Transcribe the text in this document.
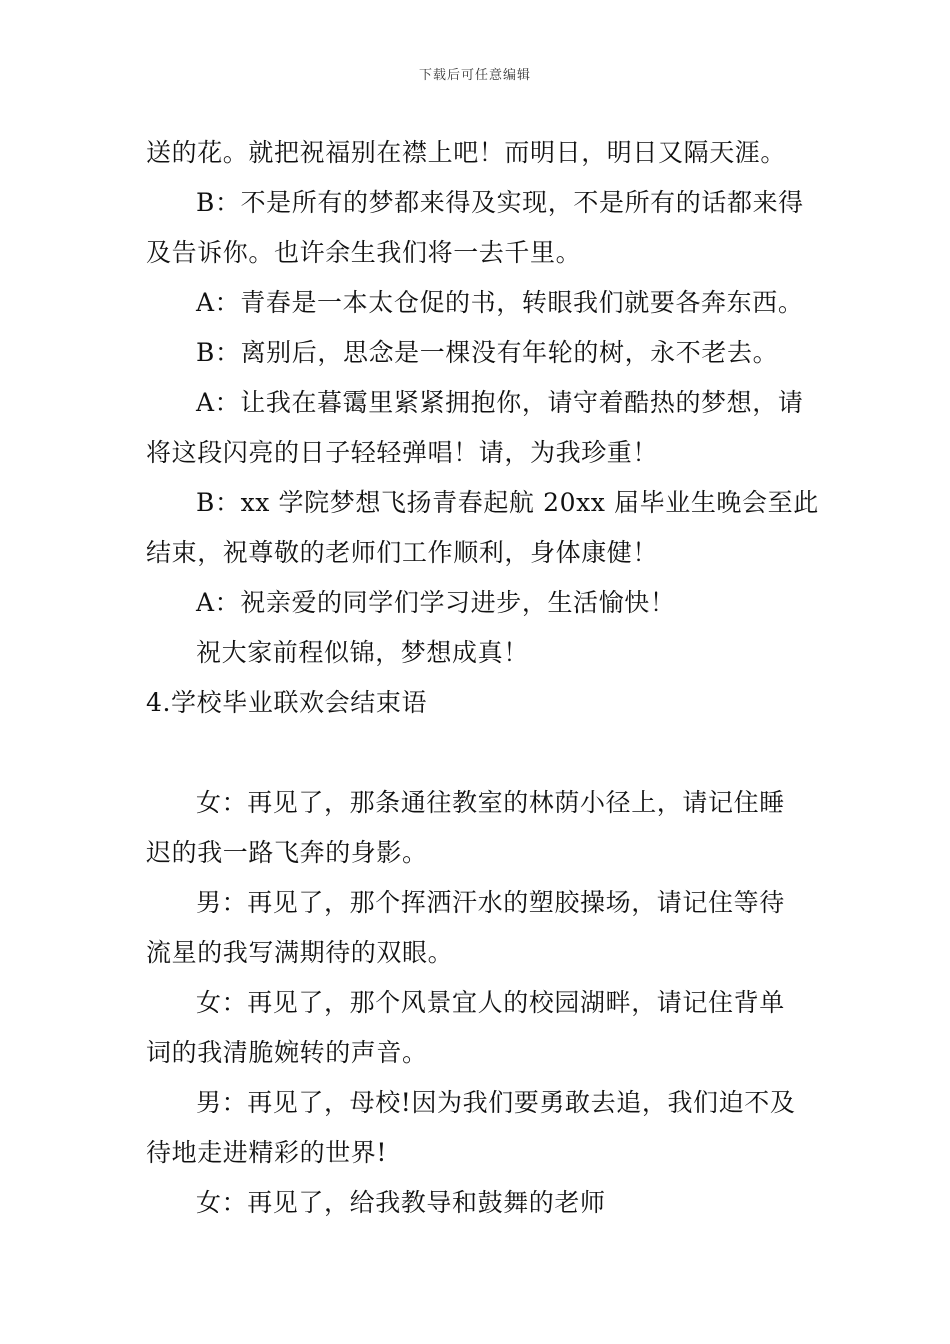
下载后可任意编辑
送的花。就把祝福别在襟上吧！而明日，明日又隔天涯。
B：不是所有的梦都来得及实现，不是所有的话都来得
及告诉你。也许余生我们将一去千里。
A：青春是一本太仓促的书，转眼我们就要各奔东西。
B：离别后，思念是一棵没有年轮的树，永不老去。
A：让我在暮霭里紧紧拥抱你，请守着酷热的梦想，请
将这段闪亮的日子轻轻弹唱！请，为我珍重！
B：xx 学院梦想飞扬青春起航 20xx 届毕业生晚会至此
结束，祝尊敬的老师们工作顺利，身体康健！
A：祝亲爱的同学们学习进步，生活愉快！
祝大家前程似锦，梦想成真！
4.学校毕业联欢会结束语
女：再见了，那条通往教室的林荫小径上，请记住睡
迟的我一路飞奔的身影。
男：再见了，那个挥洒汗水的塑胶操场，请记住等待
流星的我写满期待的双眼。
女：再见了，那个风景宜人的校园湖畔，请记住背单
词的我清脆婉转的声音。
男：再见了，母校!因为我们要勇敢去追，我们迫不及
待地走进精彩的世界!
女：再见了，给我教导和鼓舞的老师
